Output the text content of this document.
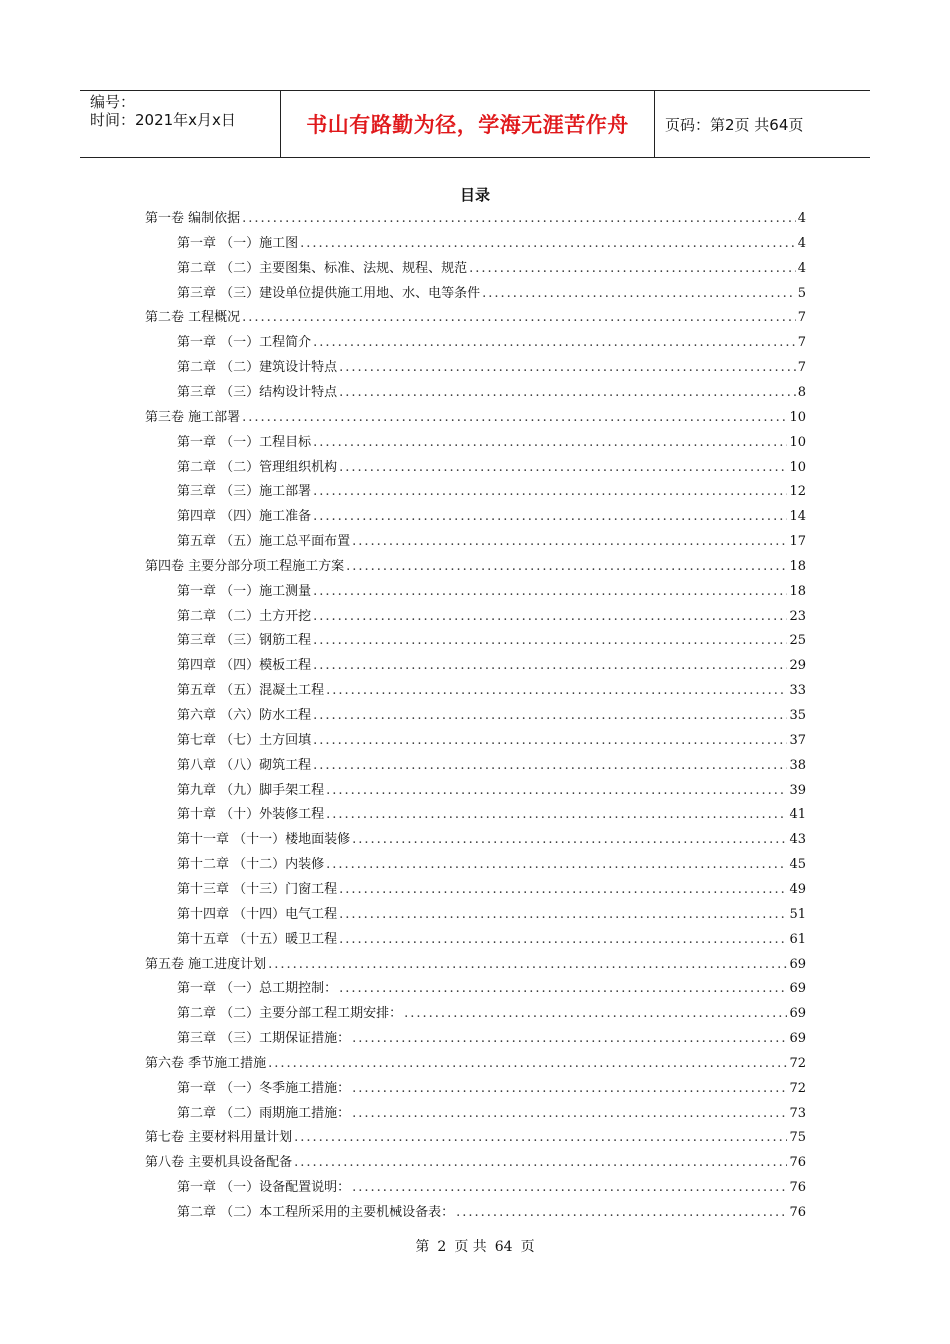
编号：
时间：2021年x月x日	书山有路勤为径，学海无涯苦作舟	页码：第2页 共64页
目录
第一卷 编制依据 .....	4
第一章 （一）施工图 .....	4
第二章 （二）主要图集、标准、法规、规程、规范 .....	4
第三章 （三）建设单位提供施工用地、水、电等条件 .....	5
第二卷 工程概况 .....	7
第一章 （一）工程简介 .....	7
第二章 （二）建筑设计特点 .....	7
第三章 （三）结构设计特点 .....	8
第三卷 施工部署 .....	10
第一章 （一）工程目标 .....	10
第二章 （二）管理组织机构 .....	10
第三章 （三）施工部署 .....	12
第四章 （四）施工准备 .....	14
第五章 （五）施工总平面布置 .....	17
第四卷 主要分部分项工程施工方案 .....	18
第一章 （一）施工测量 .....	18
第二章 （二）土方开挖 .....	23
第三章 （三）钢筋工程 .....	25
第四章 （四）模板工程 .....	29
第五章 （五）混凝土工程 .....	33
第六章 （六）防水工程 .....	35
第七章 （七）土方回填 .....	37
第八章 （八）砌筑工程 .....	38
第九章 （九）脚手架工程 .....	39
第十章 （十）外装修工程 .....	41
第十一章 （十一）楼地面装修 .....	43
第十二章 （十二）内装修 .....	45
第十三章 （十三）门窗工程 .....	49
第十四章 （十四）电气工程 .....	51
第十五章 （十五）暖卫工程 .....	61
第五卷 施工进度计划 .....	69
第一章 （一）总工期控制： .....	69
第二章 （二）主要分部工程工期安排： .....	69
第三章 （三）工期保证措施： .....	69
第六卷 季节施工措施 .....	72
第一章 （一）冬季施工措施： .....	72
第二章 （二）雨期施工措施： .....	73
第七卷 主要材料用量计划 .....	75
第八卷 主要机具设备配备 .....	76
第一章 （一）设备配置说明： .....	76
第二章 （二）本工程所采用的主要机械设备表： .....	76
第 2 页 共 64 页
